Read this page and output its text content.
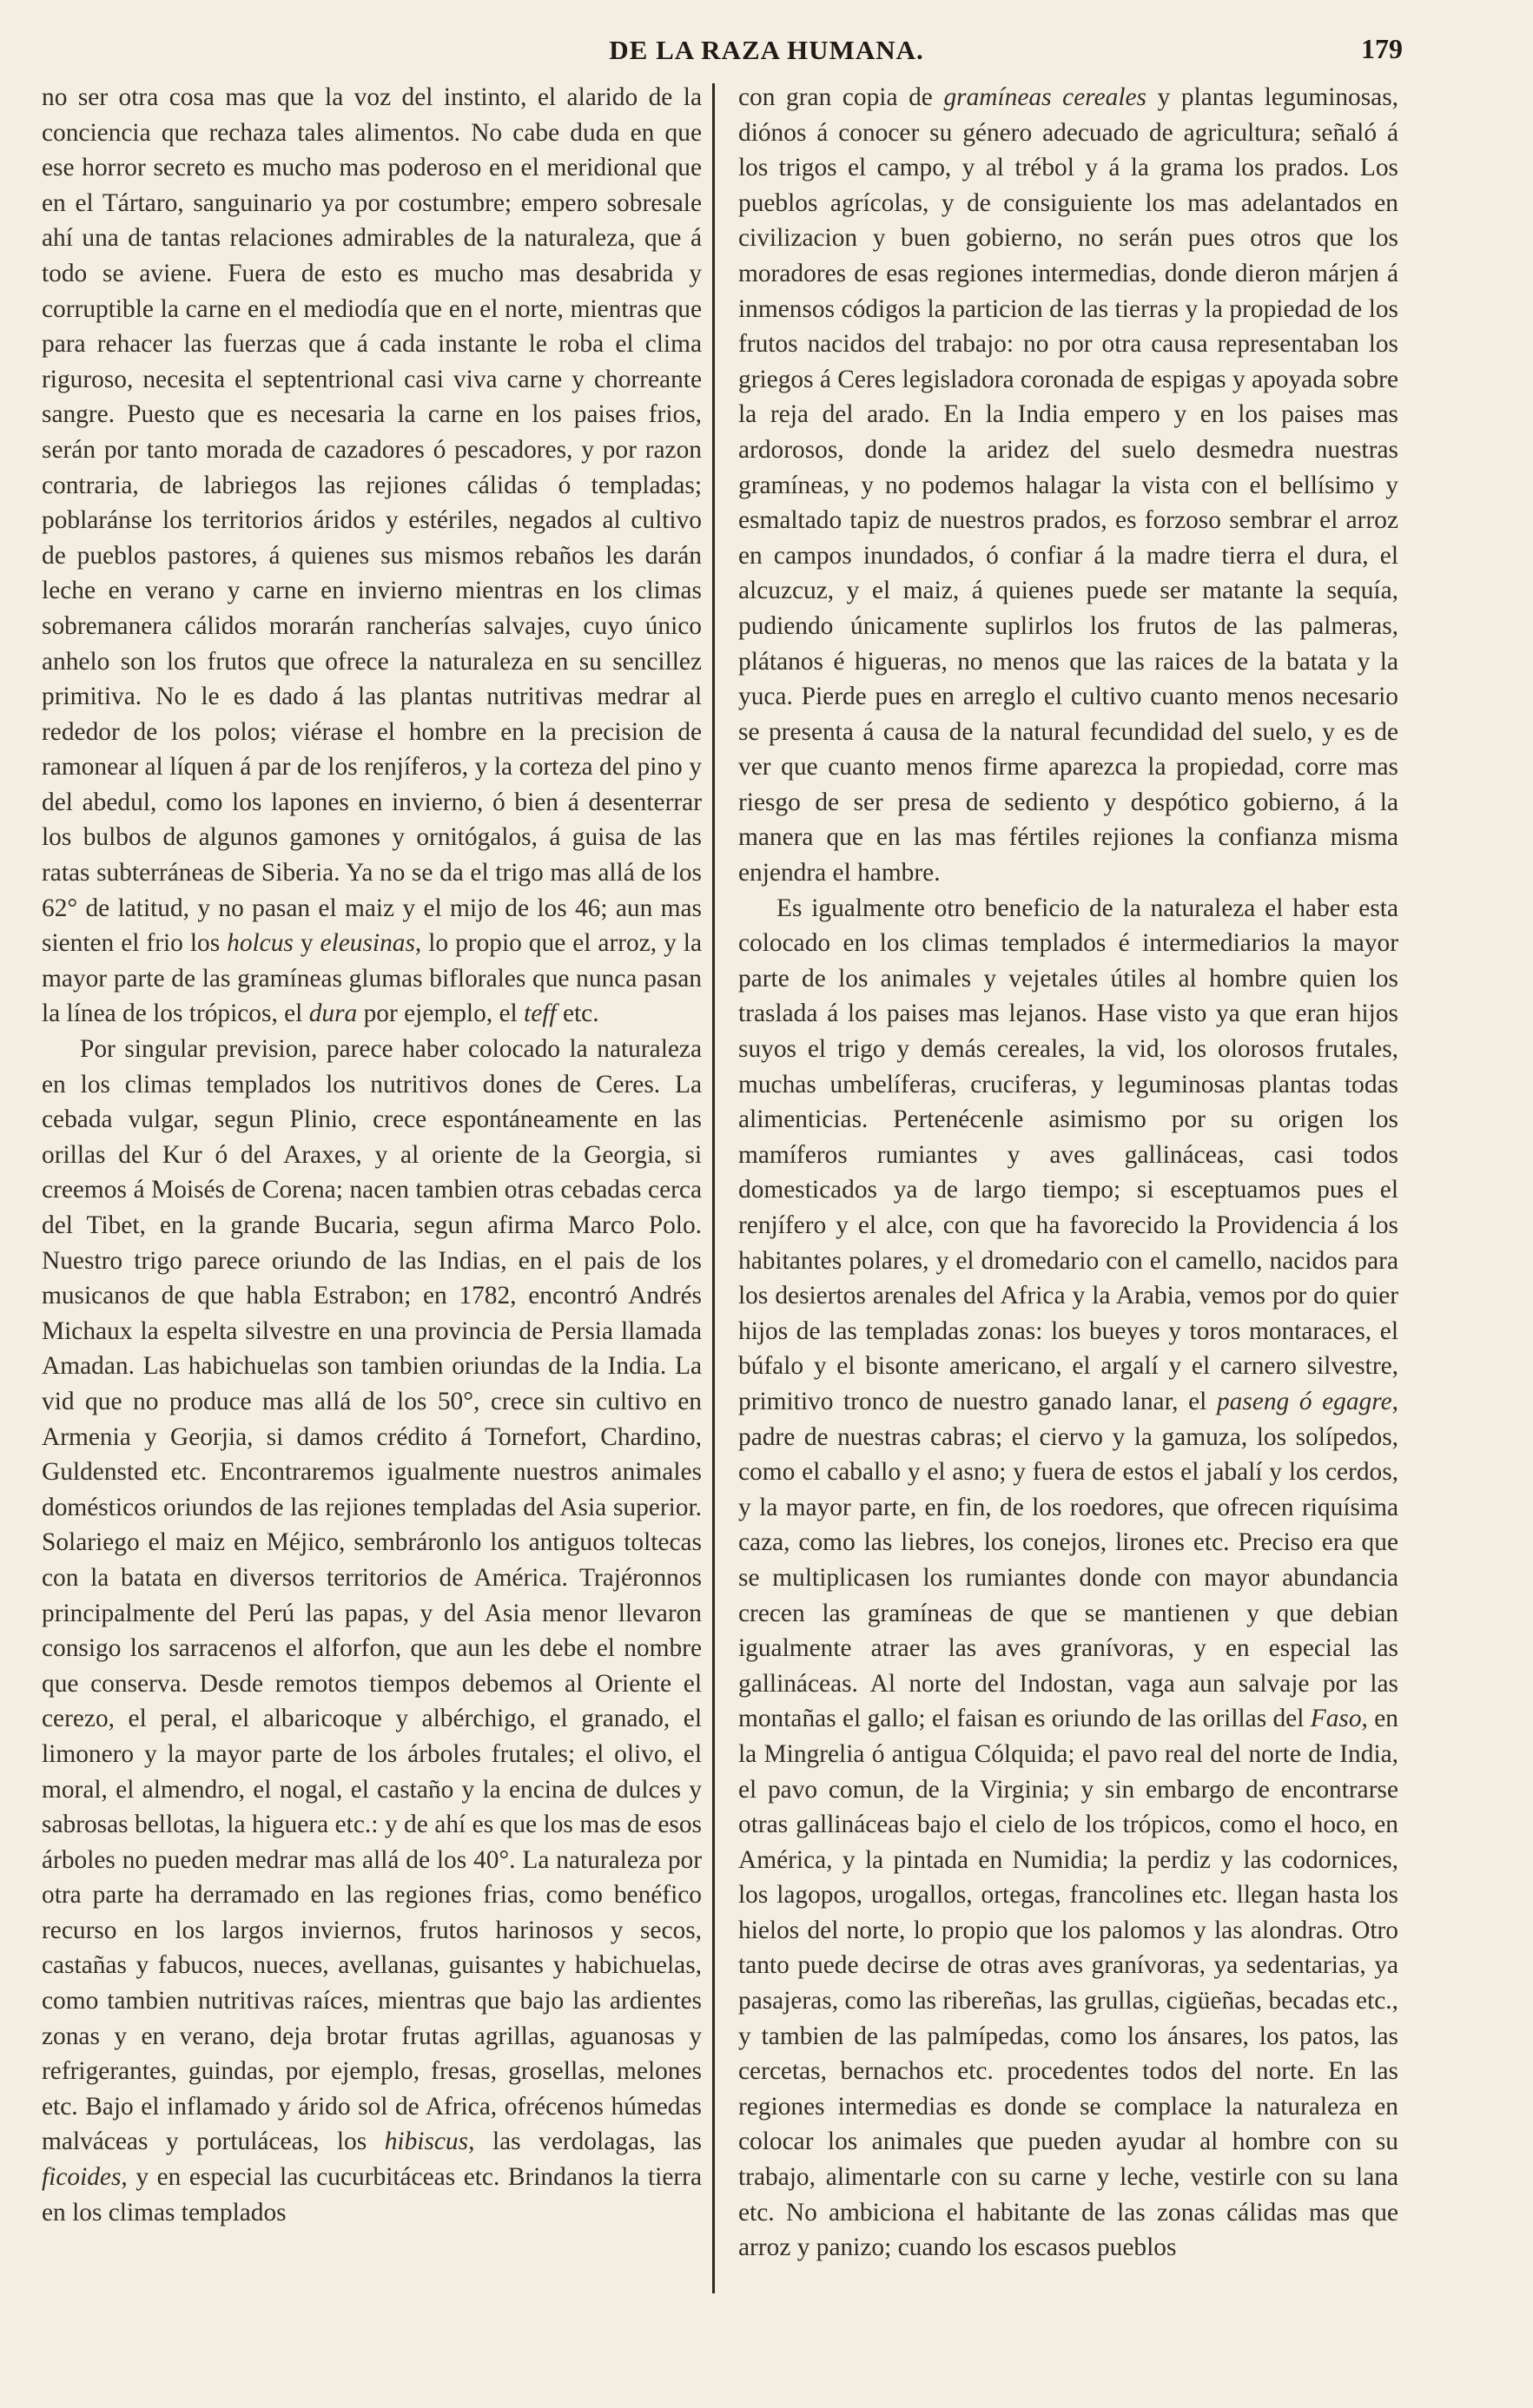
DE LA RAZA HUMANA.	179

no ser otra cosa mas que la voz del instinto, el alarido de la conciencia que rechaza tales alimentos. No cabe duda en que ese horror secreto es mucho mas poderoso en el meridional que en el Tártaro, sanguinario ya por costumbre; empero sobresale ahí una de tantas relaciones admirables de la naturaleza, que á todo se aviene. Fuera de esto es mucho mas desabrida y corruptible la carne en el mediodía que en el norte, mientras que para rehacer las fuerzas que á cada instante le roba el clima riguroso, necesita el septentrional casi viva carne y chorreante sangre. Puesto que es necesaria la carne en los paises frios, serán por tanto morada de cazadores ó pescadores, y por razon contraria, de labriegos las rejiones cálidas ó templadas; poblaránse los territorios áridos y estériles, negados al cultivo de pueblos pastores, á quienes sus mismos rebaños les darán leche en verano y carne en invierno mientras en los climas sobremanera cálidos morarán rancherías salvajes, cuyo único anhelo son los frutos que ofrece la naturaleza en su sencillez primitiva. No le es dado á las plantas nutritivas medrar al rededor de los polos; viérase el hombre en la precision de ramonear al líquen á par de los renjíferos, y la corteza del pino y del abedul, como los lapones en invierno, ó bien á desenterrar los bulbos de algunos gamones y ornitógalos, á guisa de las ratas subterráneas de Siberia. Ya no se da el trigo mas allá de los 62° de latitud, y no pasan el maiz y el mijo de los 46; aun mas sienten el frio los holcus y eleusinas, lo propio que el arroz, y la mayor parte de las gramíneas glumas biflorales que nunca pasan la línea de los trópicos, el dura por ejemplo, el teff etc.

Por singular prevision, parece haber colocado la naturaleza en los climas templados los nutritivos dones de Ceres. La cebada vulgar, segun Plinio, crece espontáneamente en las orillas del Kur ó del Araxes, y al oriente de la Georgia, si creemos á Moisés de Corena; nacen tambien otras cebadas cerca del Tibet, en la grande Bucaria, segun afirma Marco Polo. Nuestro trigo parece oriundo de las Indias, en el pais de los musicanos de que habla Estrabon; en 1782, encontró Andrés Michaux la espelta silvestre en una provincia de Persia llamada Amadan. Las habichuelas son tambien oriundas de la India. La vid que no produce mas allá de los 50°, crece sin cultivo en Armenia y Georjia, si damos crédito á Tornefort, Chardino, Guldensted etc. Encontraremos igualmente nuestros animales domésticos oriundos de las rejiones templadas del Asia superior. Solariego el maiz en Méjico, sembráronlo los antiguos toltecas con la batata en diversos territorios de América. Trajéronnos principalmente del Perú las papas, y del Asia menor llevaron consigo los sarracenos el alforfon, que aun les debe el nombre que conserva. Desde remotos tiempos debemos al Oriente el cerezo, el peral, el albaricoque y albérchigo, el granado, el limonero y la mayor parte de los árboles frutales; el olivo, el moral, el almendro, el nogal, el castaño y la encina de dulces y sabrosas bellotas, la higuera etc.: y de ahí es que los mas de esos árboles no pueden medrar mas allá de los 40°. La naturaleza por otra parte ha derramado en las regiones frias, como benéfico recurso en los largos inviernos, frutos harinosos y secos, castañas y fabucos, nueces, avellanas, guisantes y habichuelas, como tambien nutritivas raíces, mientras que bajo las ardientes zonas y en verano, deja brotar frutas agrillas, aguanosas y refrigerantes, guindas, por ejemplo, fresas, grosellas, melones etc. Bajo el inflamado y árido sol de Africa, ofrécenos húmedas malváceas y portuláceas, los hibiscus, las verdolagas, las ficoides, y en especial las cucurbitáceas etc. Brindanos la tierra en los climas templados

con gran copia de gramíneas cereales y plantas leguminosas, diónos á conocer su género adecuado de agricultura; señaló á los trigos el campo, y al trébol y á la grama los prados. Los pueblos agrícolas, y de consiguiente los mas adelantados en civilizacion y buen gobierno, no serán pues otros que los moradores de esas regiones intermedias, donde dieron márjen á inmensos códigos la particion de las tierras y la propiedad de los frutos nacidos del trabajo: no por otra causa representaban los griegos á Ceres legisladora coronada de espigas y apoyada sobre la reja del arado. En la India empero y en los paises mas ardorosos, donde la aridez del suelo desmedra nuestras gramíneas, y no podemos halagar la vista con el bellísimo y esmaltado tapiz de nuestros prados, es forzoso sembrar el arroz en campos inundados, ó confiar á la madre tierra el dura, el alcuzcuz, y el maiz, á quienes puede ser matante la sequía, pudiendo únicamente suplirlos los frutos de las palmeras, plátanos é higueras, no menos que las raices de la batata y la yuca. Pierde pues en arreglo el cultivo cuanto menos necesario se presenta á causa de la natural fecundidad del suelo, y es de ver que cuanto menos firme aparezca la propiedad, corre mas riesgo de ser presa de sediento y despótico gobierno, á la manera que en las mas fértiles rejiones la confianza misma enjendra el hambre.

Es igualmente otro beneficio de la naturaleza el haber esta colocado en los climas templados é intermediarios la mayor parte de los animales y vejetales útiles al hombre quien los traslada á los paises mas lejanos. Hase visto ya que eran hijos suyos el trigo y demás cereales, la vid, los olorosos frutales, muchas umbelíferas, cruciferas, y leguminosas plantas todas alimenticias. Pertenécenle asimismo por su origen los mamíferos rumiantes y aves gallináceas, casi todos domesticados ya de largo tiempo; si esceptuamos pues el renjífero y el alce, con que ha favorecido la Providencia á los habitantes polares, y el dromedario con el camello, nacidos para los desiertos arenales del Africa y la Arabia, vemos por do quier hijos de las templadas zonas: los bueyes y toros montaraces, el búfalo y el bisonte americano, el argalí y el carnero silvestre, primitivo tronco de nuestro ganado lanar, el paseng ó egagre, padre de nuestras cabras; el ciervo y la gamuza, los solípedos, como el caballo y el asno; y fuera de estos el jabalí y los cerdos, y la mayor parte, en fin, de los roedores, que ofrecen riquísima caza, como las liebres, los conejos, lirones etc. Preciso era que se multiplicasen los rumiantes donde con mayor abundancia crecen las gramíneas de que se mantienen y que debian igualmente atraer las aves granívoras, y en especial las gallináceas. Al norte del Indostan, vaga aun salvaje por las montañas el gallo; el faisan es oriundo de las orillas del Faso, en la Mingrelia ó antigua Cólquida; el pavo real del norte de India, el pavo comun, de la Virginia; y sin embargo de encontrarse otras gallináceas bajo el cielo de los trópicos, como el hoco, en América, y la pintada en Numidia; la perdiz y las codornices, los lagopos, urogallos, ortegas, francolines etc. llegan hasta los hielos del norte, lo propio que los palomos y las alondras. Otro tanto puede decirse de otras aves granívoras, ya sedentarias, ya pasajeras, como las ribereñas, las grullas, cigüeñas, becadas etc., y tambien de las palmípedas, como los ánsares, los patos, las cercetas, bernachos etc. procedentes todos del norte. En las regiones intermedias es donde se complace la naturaleza en colocar los animales que pueden ayudar al hombre con su trabajo, alimentarle con su carne y leche, vestirle con su lana etc. No ambiciona el habitante de las zonas cálidas mas que arroz y panizo; cuando los escasos pueblos
